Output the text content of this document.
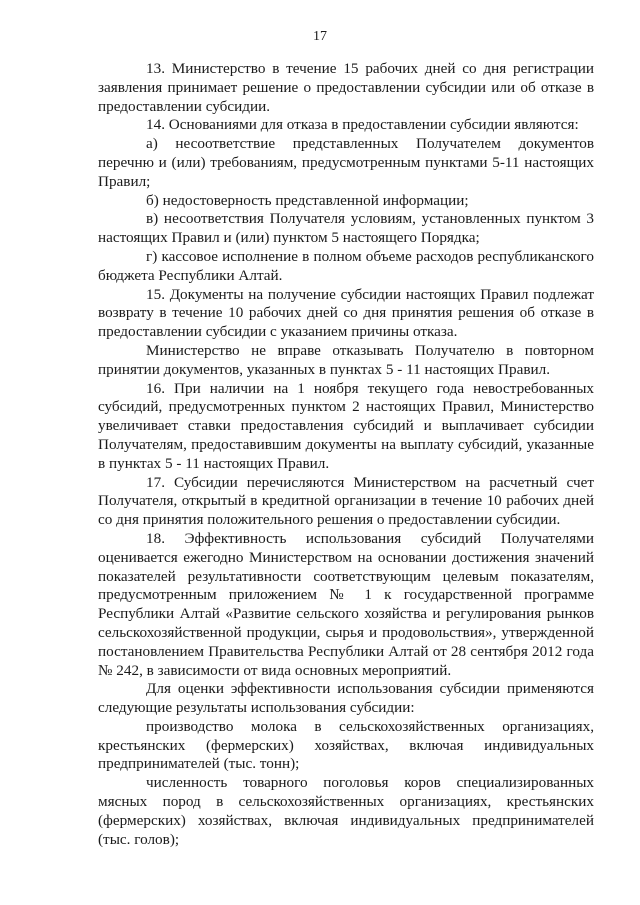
17

13. Министерство в течение 15 рабочих дней со дня регистрации заявления принимает решение о предоставлении субсидии или об отказе в предоставлении субсидии.

14. Основаниями для отказа в предоставлении субсидии являются:

а) несоответствие представленных Получателем документов перечню и (или) требованиям, предусмотренным пунктами 5-11 настоящих Правил;

б) недостоверность представленной информации;

в) несоответствия Получателя условиям, установленных пунктом 3 настоящих Правил и (или) пунктом 5 настоящего Порядка;

г) кассовое исполнение в полном объеме расходов республиканского бюджета Республики Алтай.

15. Документы на получение субсидии настоящих Правил подлежат возврату в течение 10 рабочих дней со дня принятия решения об отказе в предоставлении субсидии с указанием причины отказа.

Министерство не вправе отказывать Получателю в повторном принятии документов, указанных в пунктах 5 - 11 настоящих Правил.

16. При наличии на 1 ноября текущего года невостребованных субсидий, предусмотренных пунктом 2 настоящих Правил, Министерство увеличивает ставки предоставления субсидий и выплачивает субсидии Получателям, предоставившим документы на выплату субсидий, указанные в пунктах 5 - 11 настоящих Правил.

17. Субсидии перечисляются Министерством на расчетный счет Получателя, открытый в кредитной организации в течение 10 рабочих дней со дня принятия положительного решения о предоставлении субсидии.

18. Эффективность использования субсидий Получателями оценивается ежегодно Министерством на основании достижения значений показателей результативности соответствующим целевым показателям, предусмотренным приложением № 1 к государственной программе Республики Алтай «Развитие сельского хозяйства и регулирования рынков сельскохозяйственной продукции, сырья и продовольствия», утвержденной постановлением Правительства Республики Алтай от 28 сентября 2012 года № 242, в зависимости от вида основных мероприятий.

Для оценки эффективности использования субсидии применяются следующие результаты использования субсидии:

производство молока в сельскохозяйственных организациях, крестьянских (фермерских) хозяйствах, включая индивидуальных предпринимателей (тыс. тонн);

численность товарного поголовья коров специализированных мясных пород в сельскохозяйственных организациях, крестьянских (фермерских) хозяйствах, включая индивидуальных предпринимателей (тыс. голов);
